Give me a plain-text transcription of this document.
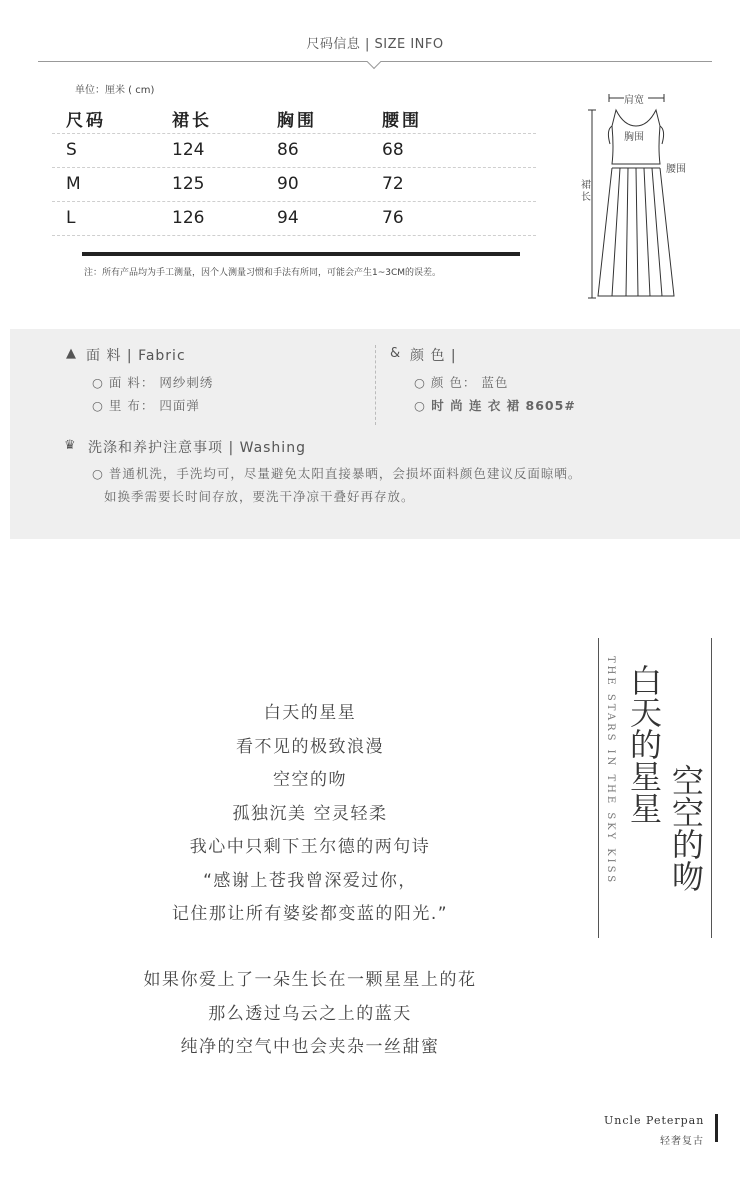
尺码信息 | SIZE INFO
单位：厘米 ( cm)
尺码	裙长	胸围	腰围
S	124	86	68
M	125	90	72
L	126	94	76
注：所有产品均为手工测量，因个人测量习惯和手法有所同，可能会产生1~3CM的误差。
肩宽
胸围
腰围
裙长
▲ 面 料 | Fabric
○ 面 料： 网纱刺绣
○ 里 布： 四面弹
& 颜 色 |
○ 颜 色： 蓝色
○ 时 尚 连 衣 裙 8605#
♛ 洗涤和养护注意事项 | Washing
○ 普通机洗，手洗均可，尽量避免太阳直接暴晒，会损坏面料颜色建议反面晾晒。
如换季需要长时间存放，要洗干净凉干叠好再存放。
白天的星星
看不见的极致浪漫
空空的吻
孤独沉美 空灵轻柔
我心中只剩下王尔德的两句诗
“感谢上苍我曾深爱过你，
记住那让所有婆娑都变蓝的阳光.”
如果你爱上了一朵生长在一颗星星上的花
那么透过乌云之上的蓝天
纯净的空气中也会夹杂一丝甜蜜
THE STARS IN THE SKY KISS 白天的星星
空空的吻
Uncle Peterpan
轻奢复古
